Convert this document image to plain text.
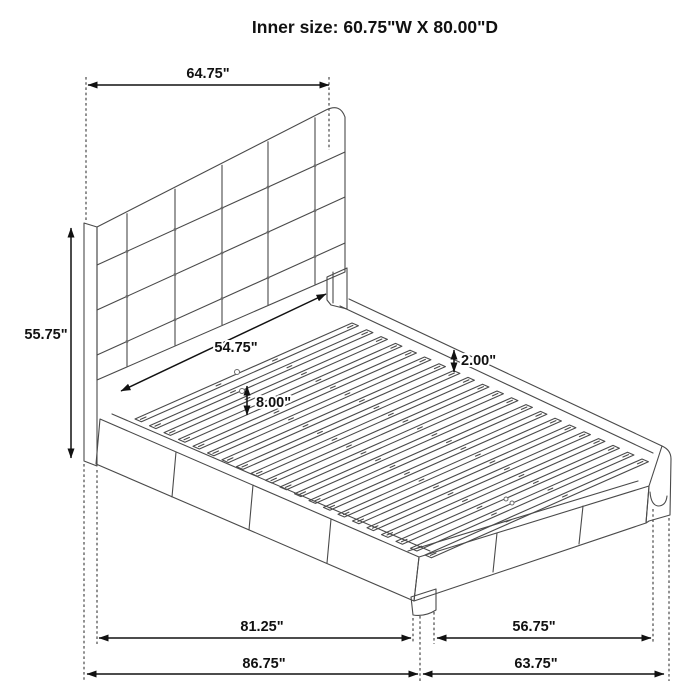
Inner size: 60.75"W X 80.00"D
64.75"
55.75"
54.75"
8.00"
2.00"
81.25"	56.75"
86.75"	63.75"
